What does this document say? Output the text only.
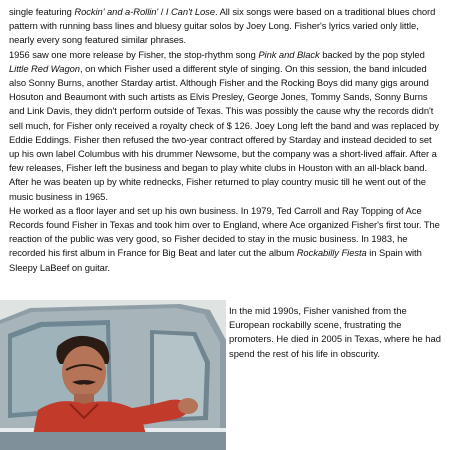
single featuring Rockin' and a-Rollin' / I Can't Lose. All six songs were based on a traditional blues chord pattern with running bass lines and bluesy guitar solos by Joey Long. Fisher's lyrics varied only little, nearly every song featured similar phrases.

1956 saw one more release by Fisher, the stop-rhythm song Pink and Black backed by the pop styled Little Red Wagon, on which Fisher used a different style of singing. On this session, the band inlcuded also Sonny Burns, another Starday artist. Although Fisher and the Rocking Boys did many gigs around Hosuton and Beaumont with such artists as Elvis Presley, George Jones, Tommy Sands, Sonny Burns and Link Davis, they didn't perform outside of Texas. This was possibly the cause why the records didn't sell much, for Fisher only received a royalty check of $ 126. Joey Long left the band and was replaced by Eddie Eddings. Fisher then refused the two-year contract offered by Starday and instead decided to set up his own label Columbus with his drummer Newsome, but the company was a short-lived affair. After a few releases, Fisher left the business and began to play white clubs in Houston with an all-black band. After he was beaten up by white rednecks, Fisher returned to play country music till he went out of the music business in 1965.

He worked as a floor layer and set up his own business. In 1979, Ted Carroll and Ray Topping of Ace Records found Fisher in Texas and took him over to England, where Ace organized Fisher's first tour. The reaction of the public was very good, so Fisher decided to stay in the music business. In 1983, he recorded his first album in France for Big Beat and later cut the album Rockabilly Fiesta in Spain with Sleepy LaBeef on guitar.

In the mid 1990s, Fisher vanished from the European rockabilly scene, frustrating the promoters. He died in 2005 in Texas, where he had spend the rest of his life in obscurity.
